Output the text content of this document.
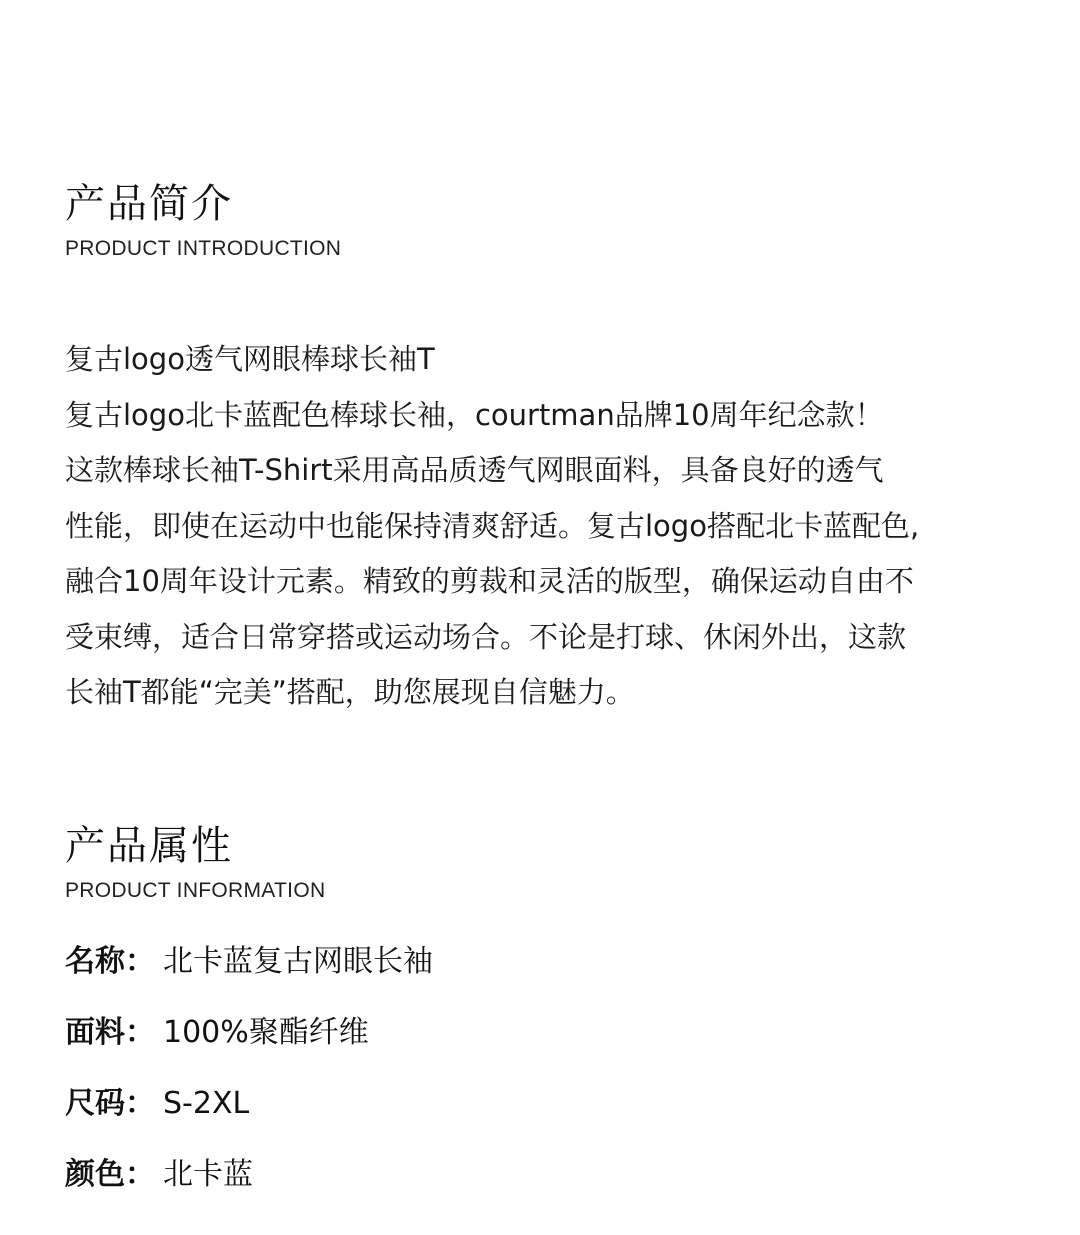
产品简介
PRODUCT INTRODUCTION
复古logo透气网眼棒球长袖T
复古logo北卡蓝配色棒球长袖，courtman品牌10周年纪念款！
这款棒球长袖T-Shirt采用高品质透气网眼面料，具备良好的透气
性能，即使在运动中也能保持清爽舒适。复古logo搭配北卡蓝配色,
融合10周年设计元素。精致的剪裁和灵活的版型，确保运动自由不
受束缚，适合日常穿搭或运动场合。不论是打球、休闲外出，这款
长袖T都能“完美”搭配，助您展现自信魅力。
产品属性
PRODUCT INFORMATION
名称 ： 北卡蓝复古网眼长袖
面料 ： 100%聚酯纤维
尺码 ： S-2XL
颜色 ： 北卡蓝
